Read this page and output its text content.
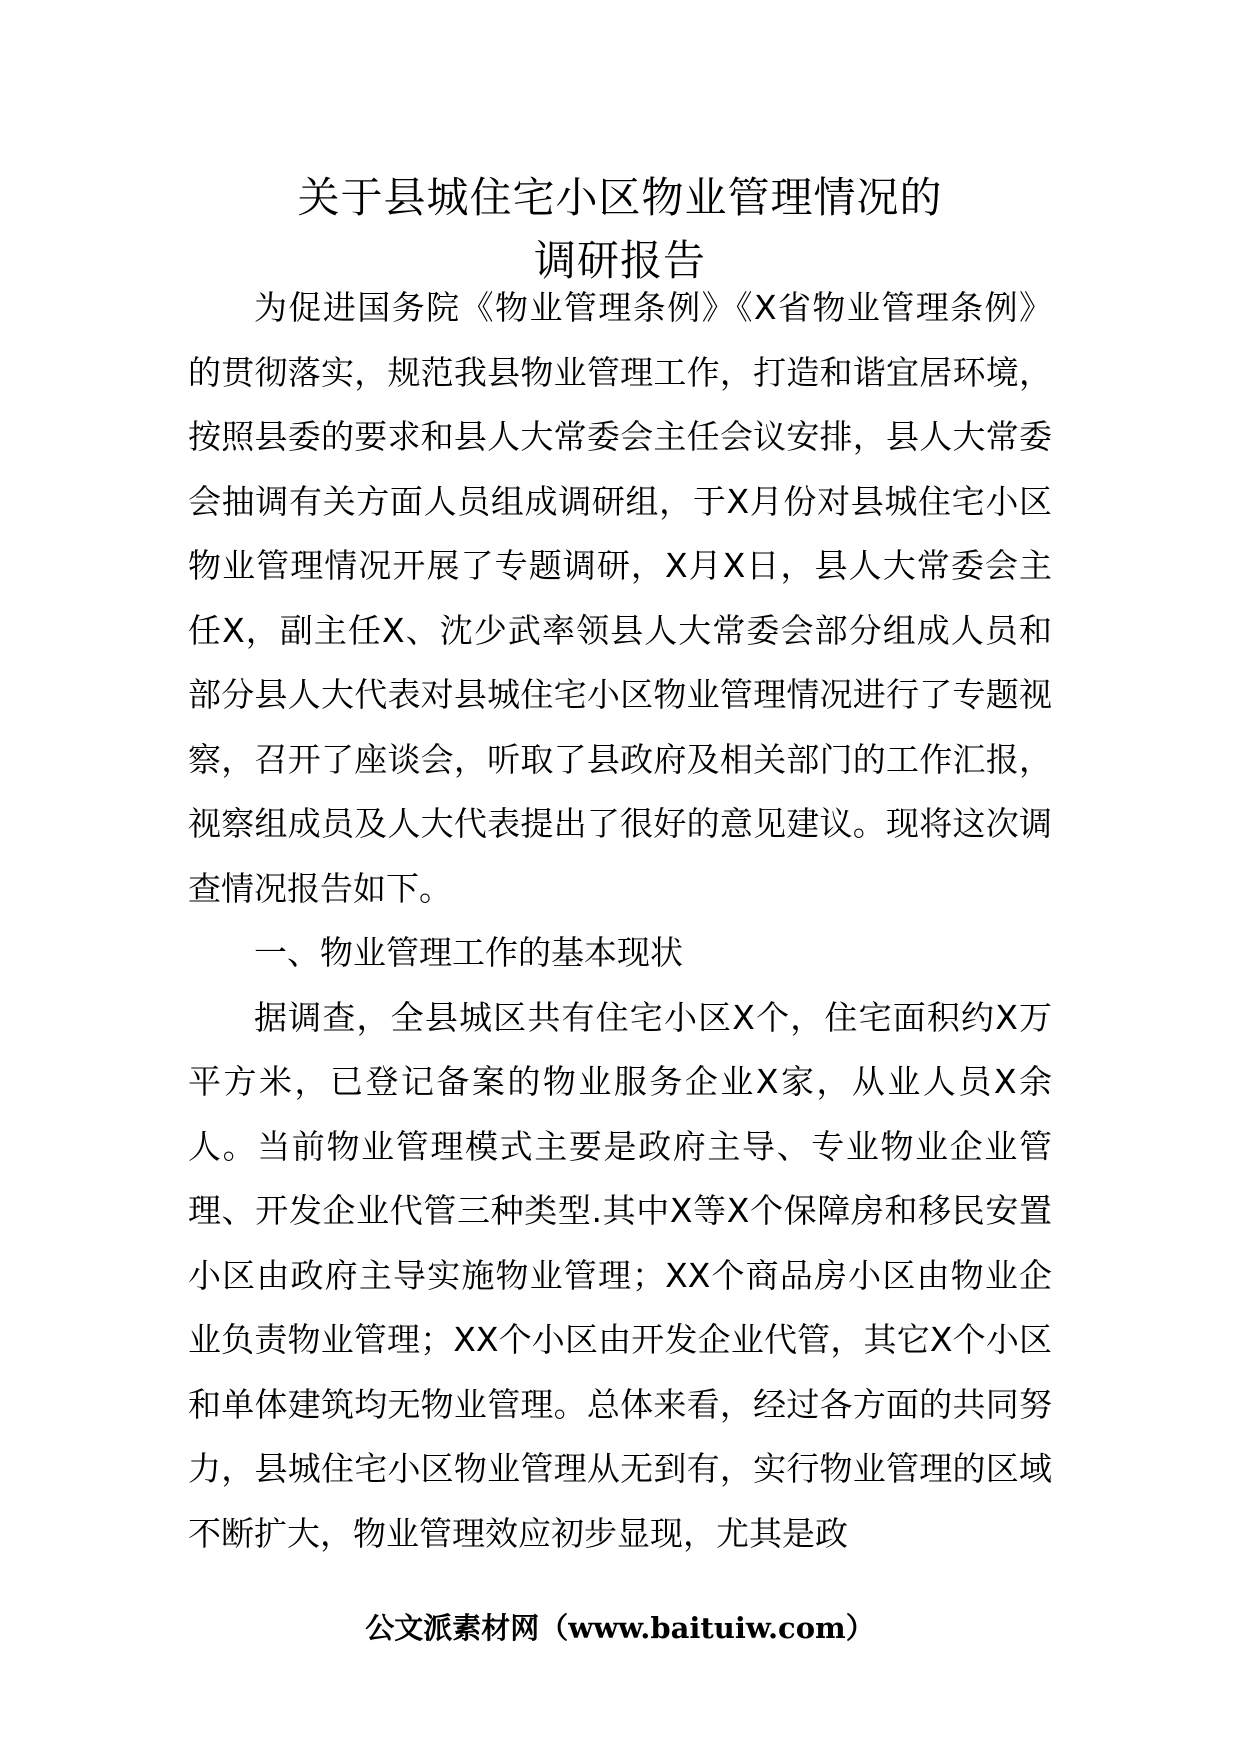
关于县城住宅小区物业管理情况的
调研报告

为促进国务院《物业管理条例》《X省物业管理条例》的贯彻落实，规范我县物业管理工作，打造和谐宜居环境，按照县委的要求和县人大常委会主任会议安排，县人大常委会抽调有关方面人员组成调研组，于X月份对县城住宅小区物业管理情况开展了专题调研，X月X日，县人大常委会主任X，副主任X、沈少武率领县人大常委会部分组成人员和部分县人大代表对县城住宅小区物业管理情况进行了专题视察，召开了座谈会，听取了县政府及相关部门的工作汇报，视察组成员及人大代表提出了很好的意见建议。现将这次调查情况报告如下。

一、物业管理工作的基本现状

据调查，全县城区共有住宅小区X个，住宅面积约X万平方米，已登记备案的物业服务企业X家，从业人员X余人。当前物业管理模式主要是政府主导、专业物业企业管理、开发企业代管三种类型.其中X等X个保障房和移民安置小区由政府主导实施物业管理；XX个商品房小区由物业企业负责物业管理；XX个小区由开发企业代管，其它X个小区和单体建筑均无物业管理。总体来看，经过各方面的共同努力，县城住宅小区物业管理从无到有，实行物业管理的区域不断扩大，物业管理效应初步显现，尤其是政

公文派素材网（www.baituiw.com）
